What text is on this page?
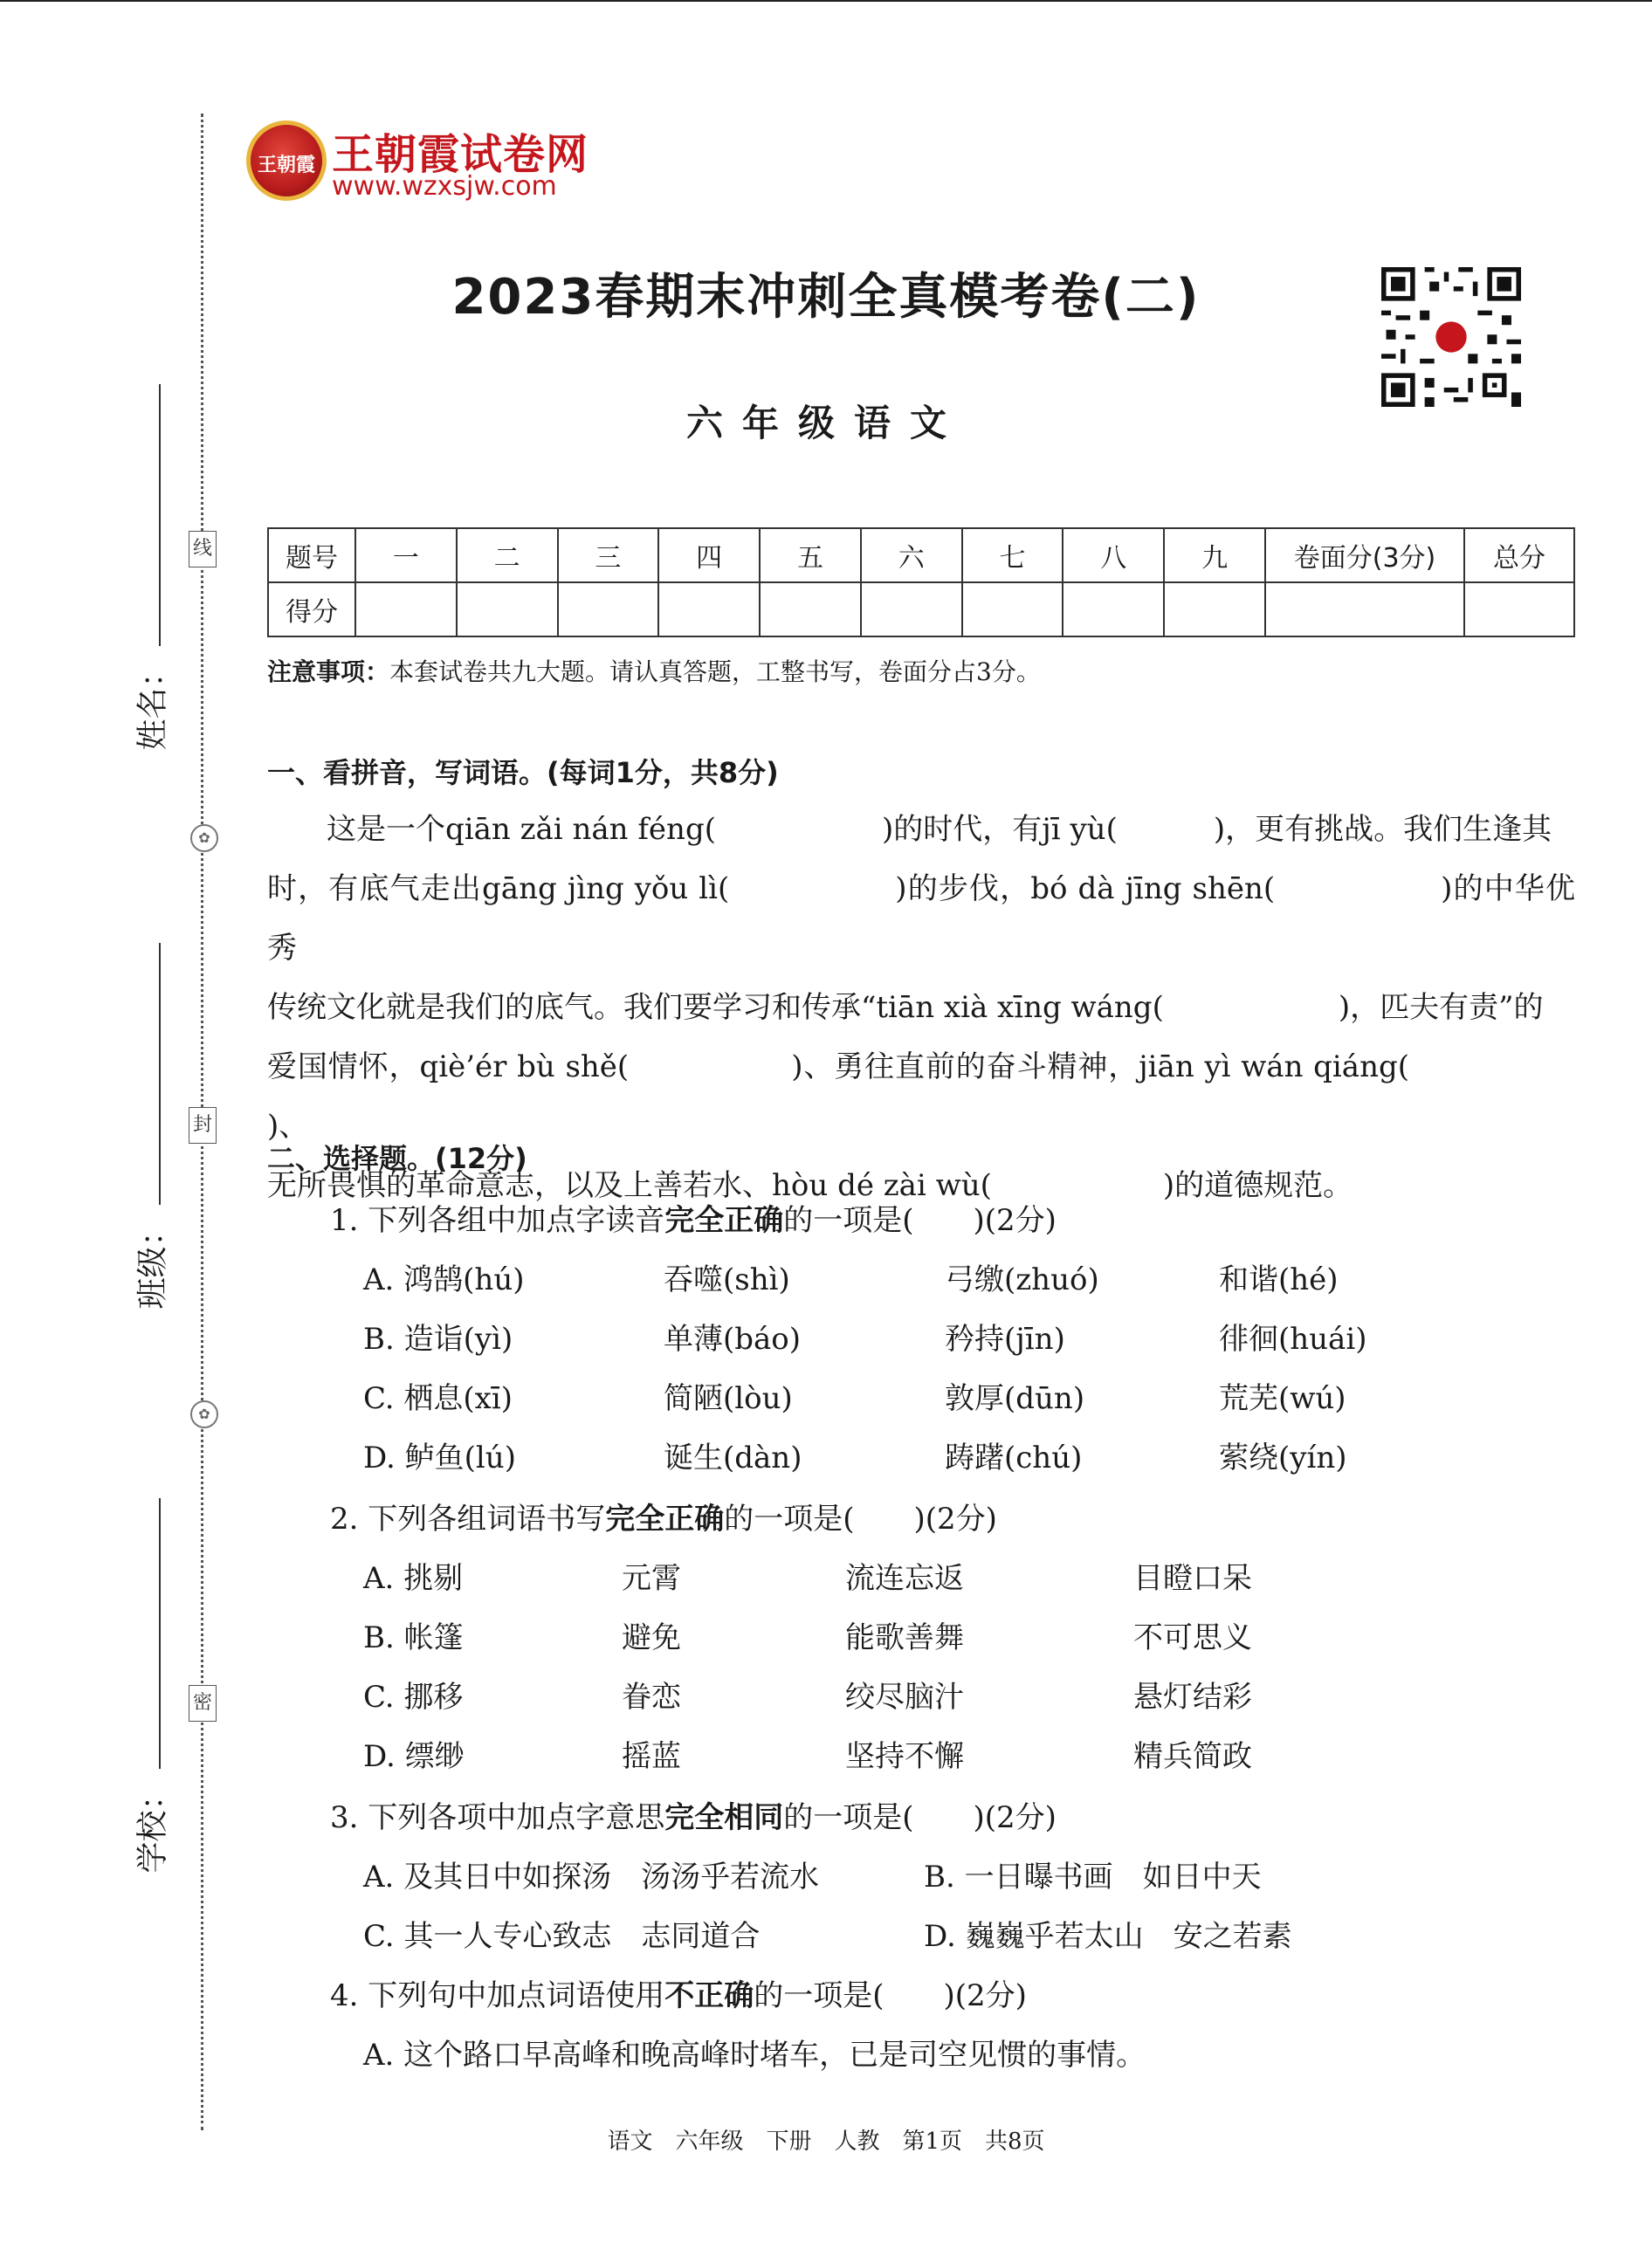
线
✿
封
✿
密
姓名：
班级：
学校：
王朝霞 王朝霞试卷网
www.wzxsjw.com
2023春期末冲刺全真模考卷(二)
六年级语文
题号	一	二	三	四	五	六	七	八	九	卷面分(3分)	总分
得分											
注意事项：本套试卷共九大题。请认真答题，工整书写，卷面分占3分。
一、看拼音，写词语。(每词1分，共8分)

这是一个qiān zǎi nán féng(	)的时代，有jī yù(	)，更有挑战。我们生逢其

时，有底气走出gāng jìng yǒu lì(	)的步伐，bó dà jīng shēn(	)的中华优秀

传统文化就是我们的底气。我们要学习和传承“tiān xià xīng wáng(	)，匹夫有责”的

爱国情怀，qiè’ér bù shě(	)、勇往直前的奋斗精神，jiān yì wán qiáng()、

无所畏惧的革命意志，以及上善若水、hòu dé zài wù(	)的道德规范。

二、选择题。(12分)
1. 下列各组中加点字读音完全正确的一项是(　　)(2分)
A. 鸿鹄(hú)	吞噬(shì)	弓缴(zhuó)	和谐(hé)
B. 造诣(yì)	单薄(báo)	矜持(jīn)	徘徊(huái)
C. 栖息(xī)	简陋(lòu)	敦厚(dūn)	荒芜(wú)
D. 鲈鱼(lú)	诞生(dàn)	踌躇(chú)	萦绕(yín)
2. 下列各组词语书写完全正确的一项是(　　)(2分)
A. 挑剔	元霄	流连忘返	目瞪口呆
B. 帐篷	避免	能歌善舞	不可思义
C. 挪移	眷恋	绞尽脑汁	悬灯结彩
D. 缥缈	摇蓝	坚持不懈	精兵简政
3. 下列各项中加点字意思完全相同的一项是(　　)(2分)
A. 及其日中如探汤　汤汤乎若流水	B. 一日曝书画　如日中天
C. 其一人专心致志　志同道合	D. 巍巍乎若太山　安之若素
4. 下列句中加点词语使用不正确的一项是(　　)(2分)
A. 这个路口早高峰和晚高峰时堵车，已是司空见惯的事情。
语文　六年级　下册　人教　第1页　共8页
